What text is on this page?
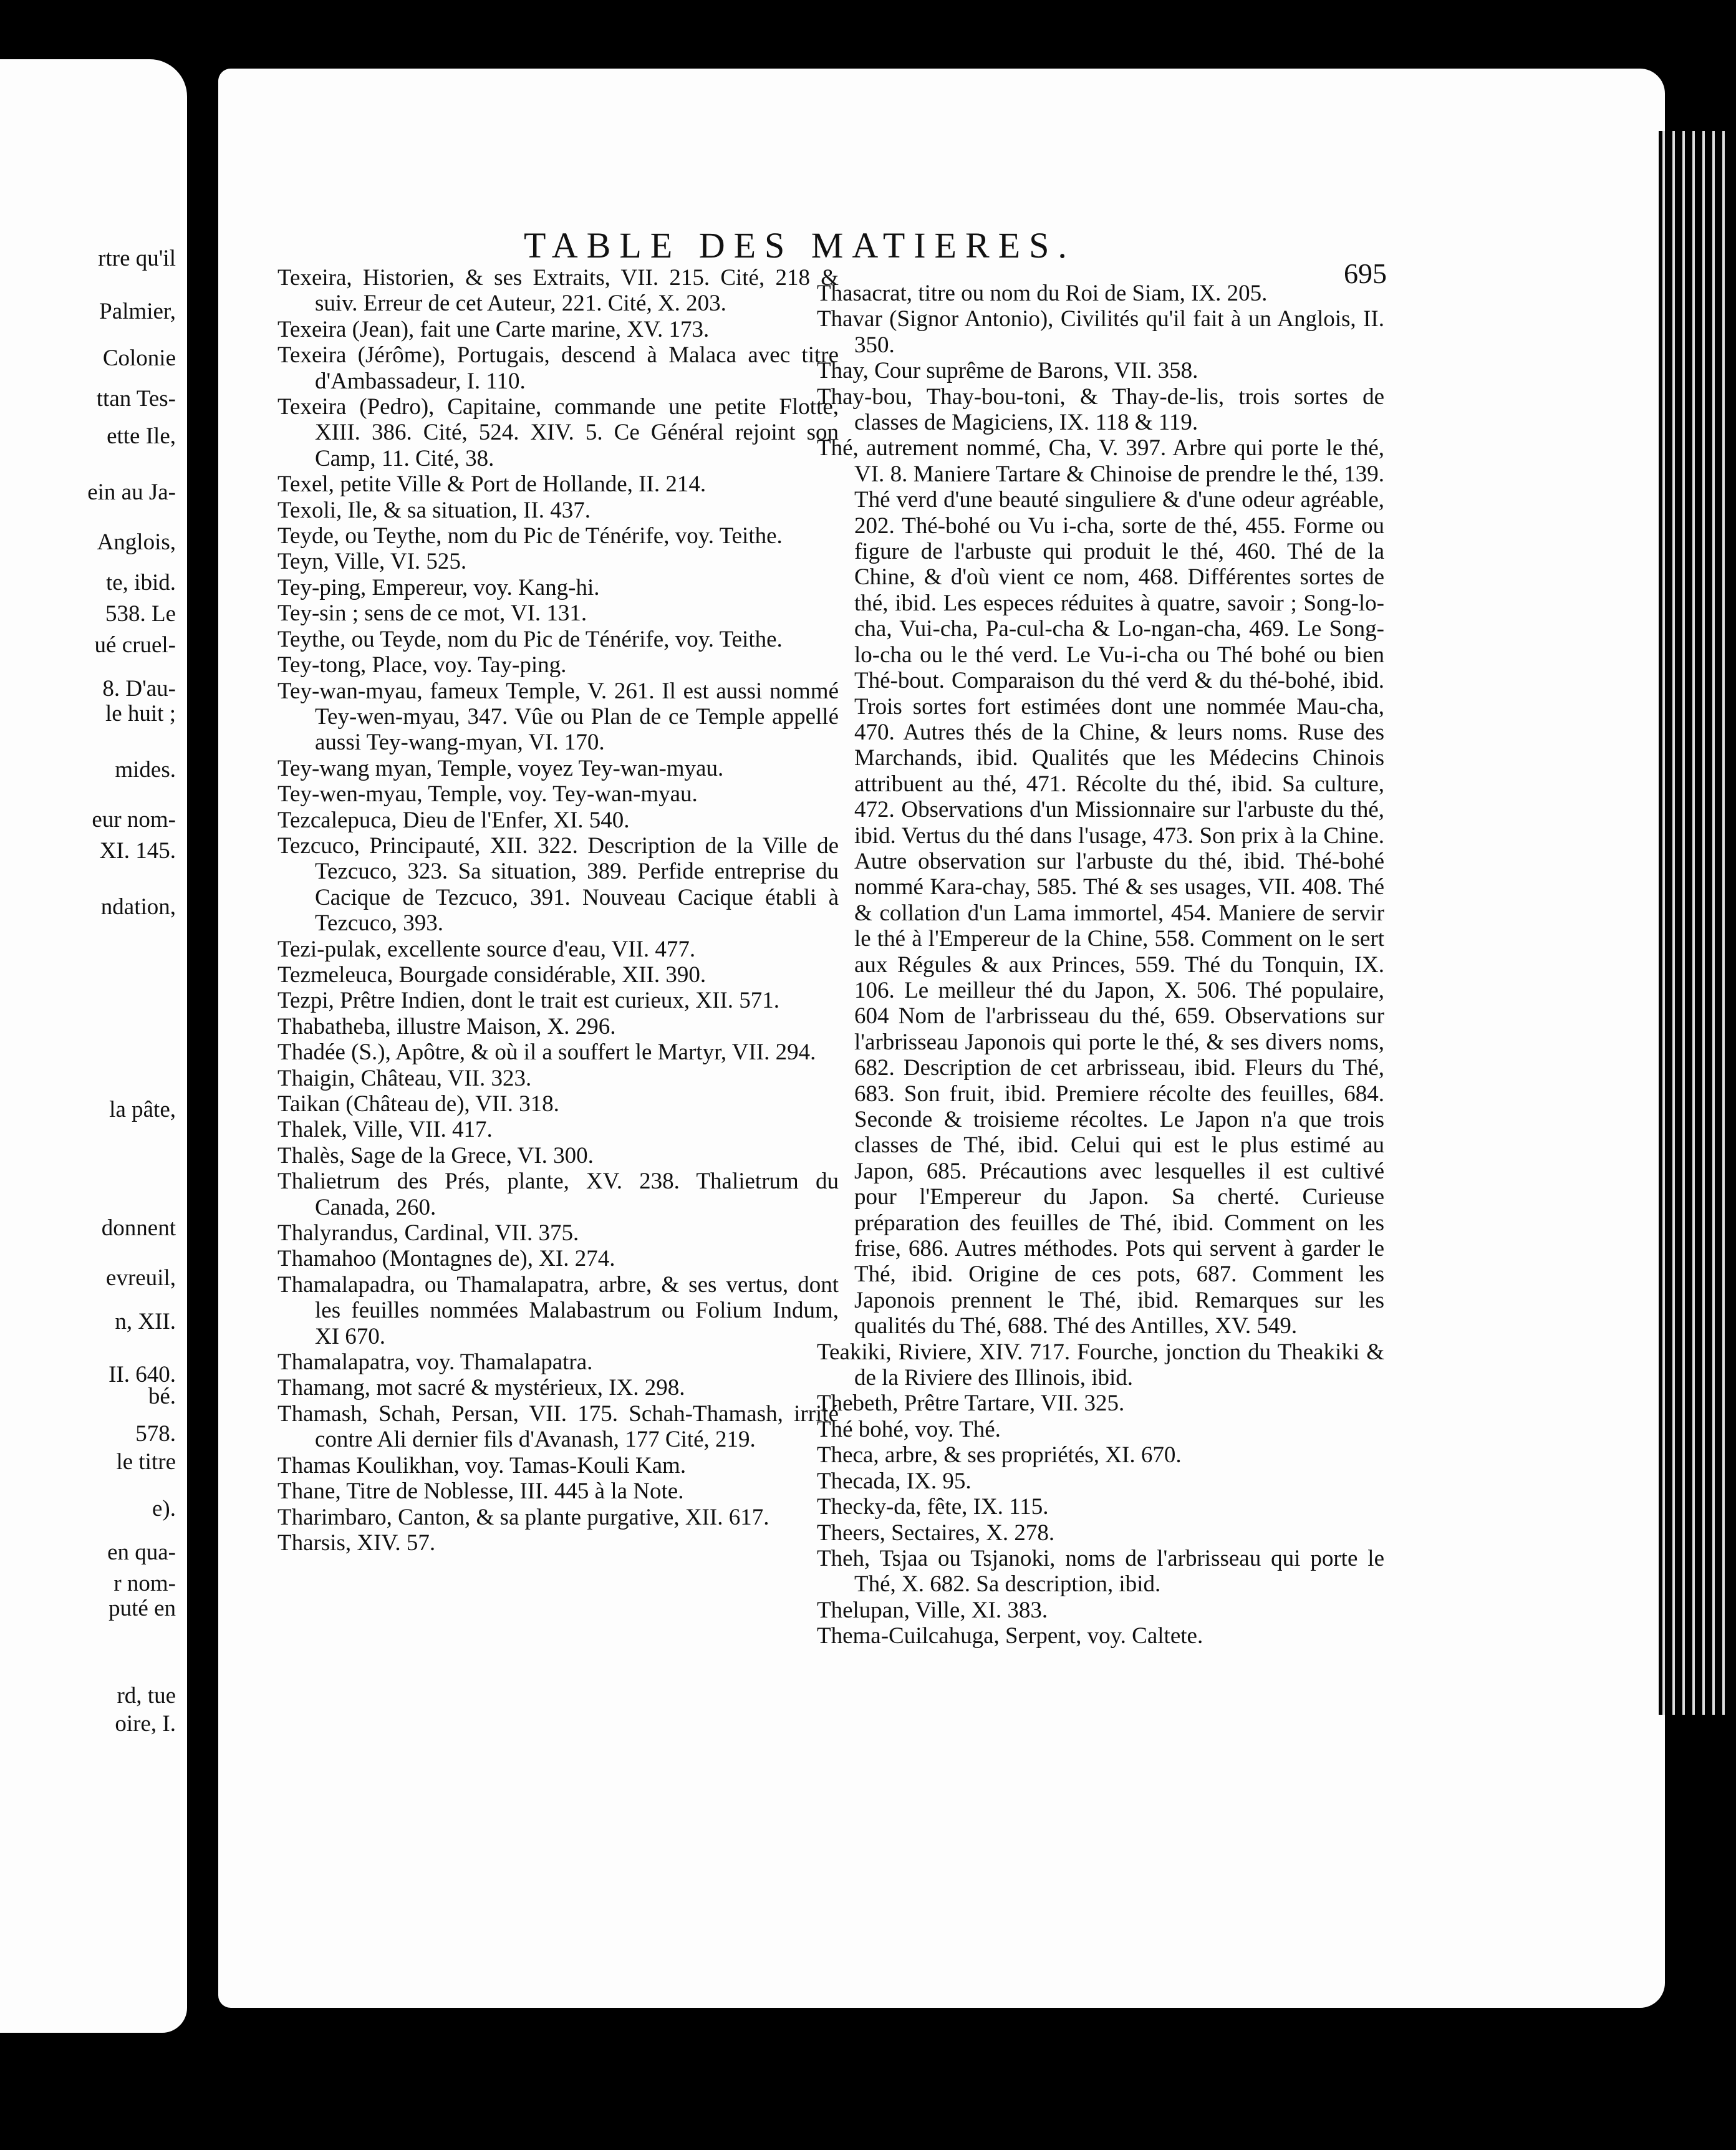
rtre qu'il
Palmier,
Colonie
ttan Tes-
ette Ile,
ein au Ja-
Anglois,
te, ibid.
538. Le
ué cruel-
8. D'au-
le huit ;
mides.
eur nom-
XI. 145.
ndation,
la pâte,
donnent
evreuil,
n, XII.
II. 640.
bé.
578.
le titre
e).
en qua-
r nom-
puté en
rd, tue
oire, I.
TABLE DES MATIERES.
695

Texeira, Historien, & ses Extraits, VII. 215. Cité, 218 & suiv. Erreur de cet Auteur, 221. Cité, X. 203.

Texeira (Jean), fait une Carte marine, XV. 173.

Texeira (Jérôme), Portugais, descend à Malaca avec titre d'Ambassadeur, I. 110.

Texeira (Pedro), Capitaine, commande une petite Flotte, XIII. 386. Cité, 524. XIV. 5. Ce Général rejoint son Camp, 11. Cité, 38.

Texel, petite Ville & Port de Hollande, II. 214.

Texoli, Ile, & sa situation, II. 437.

Teyde, ou Teythe, nom du Pic de Ténérife, voy. Teithe.

Teyn, Ville, VI. 525.

Tey-ping, Empereur, voy. Kang-hi.

Tey-sin ; sens de ce mot, VI. 131.

Teythe, ou Teyde, nom du Pic de Ténérife, voy. Teithe.

Tey-tong, Place, voy. Tay-ping.

Tey-wan-myau, fameux Temple, V. 261. Il est aussi nommé Tey-wen-myau, 347. Vûe ou Plan de ce Temple appellé aussi Tey-wang-myan, VI. 170.

Tey-wang myan, Temple, voyez Tey-wan-myau.

Tey-wen-myau, Temple, voy. Tey-wan-myau.

Tezcalepuca, Dieu de l'Enfer, XI. 540.

Tezcuco, Principauté, XII. 322. Description de la Ville de Tezcuco, 323. Sa situation, 389. Perfide entreprise du Cacique de Tezcuco, 391. Nouveau Cacique établi à Tezcuco, 393.

Tezi-pulak, excellente source d'eau, VII. 477.

Tezmeleuca, Bourgade considérable, XII. 390.

Tezpi, Prêtre Indien, dont le trait est curieux, XII. 571.

Thabatheba, illustre Maison, X. 296.

Thadée (S.), Apôtre, & où il a souffert le Martyr, VII. 294.

Thaigin, Château, VII. 323.

Taikan (Château de), VII. 318.

Thalek, Ville, VII. 417.

Thalès, Sage de la Grece, VI. 300.

Thalietrum des Prés, plante, XV. 238. Thalietrum du Canada, 260.

Thalyrandus, Cardinal, VII. 375.

Thamahoo (Montagnes de), XI. 274.

Thamalapadra, ou Thamalapatra, arbre, & ses vertus, dont les feuilles nommées Malabastrum ou Folium Indum, XI 670.

Thamalapatra, voy. Thamalapatra.

Thamang, mot sacré & mystérieux, IX. 298.

Thamash, Schah, Persan, VII. 175. Schah-Thamash, irrité contre Ali dernier fils d'Avanash, 177 Cité, 219.

Thamas Koulikhan, voy. Tamas-Kouli Kam.

Thane, Titre de Noblesse, III. 445 à la Note.

Tharimbaro, Canton, & sa plante purgative, XII. 617.

Tharsis, XIV. 57.

Thasacrat, titre ou nom du Roi de Siam, IX. 205.

Thavar (Signor Antonio), Civilités qu'il fait à un Anglois, II. 350.

Thay, Cour suprême de Barons, VII. 358.

Thay-bou, Thay-bou-toni, & Thay-de-lis, trois sortes de classes de Magiciens, IX. 118 & 119.

Thé, autrement nommé, Cha, V. 397. Arbre qui porte le thé, VI. 8. Maniere Tartare & Chinoise de prendre le thé, 139. Thé verd d'une beauté singuliere & d'une odeur agréable, 202. Thé-bohé ou Vu i-cha, sorte de thé, 455. Forme ou figure de l'arbuste qui produit le thé, 460. Thé de la Chine, & d'où vient ce nom, 468. Différentes sortes de thé, ibid. Les especes réduites à quatre, savoir ; Song-lo-cha, Vui-cha, Pa-cul-cha & Lo-ngan-cha, 469. Le Song-lo-cha ou le thé verd. Le Vu-i-cha ou Thé bohé ou bien Thé-bout. Comparaison du thé verd & du thé-bohé, ibid. Trois sortes fort estimées dont une nommée Mau-cha, 470. Autres thés de la Chine, & leurs noms. Ruse des Marchands, ibid. Qualités que les Médecins Chinois attribuent au thé, 471. Récolte du thé, ibid. Sa culture, 472. Observations d'un Missionnaire sur l'arbuste du thé, ibid. Vertus du thé dans l'usage, 473. Son prix à la Chine. Autre observation sur l'arbuste du thé, ibid. Thé-bohé nommé Kara-chay, 585. Thé & ses usages, VII. 408. Thé & collation d'un Lama immortel, 454. Maniere de servir le thé à l'Empereur de la Chine, 558. Comment on le sert aux Régules & aux Princes, 559. Thé du Tonquin, IX. 106. Le meilleur thé du Japon, X. 506. Thé populaire, 604 Nom de l'arbrisseau du thé, 659. Observations sur l'arbrisseau Japonois qui porte le thé, & ses divers noms, 682. Description de cet arbrisseau, ibid. Fleurs du Thé, 683. Son fruit, ibid. Premiere récolte des feuilles, 684. Seconde & troisieme récoltes. Le Japon n'a que trois classes de Thé, ibid. Celui qui est le plus estimé au Japon, 685. Précautions avec lesquelles il est cultivé pour l'Empereur du Japon. Sa cherté. Curieuse préparation des feuilles de Thé, ibid. Comment on les frise, 686. Autres méthodes. Pots qui servent à garder le Thé, ibid. Origine de ces pots, 687. Comment les Japonois prennent le Thé, ibid. Remarques sur les qualités du Thé, 688. Thé des Antilles, XV. 549.

Teakiki, Riviere, XIV. 717. Fourche, jonction du Theakiki & de la Riviere des Illinois, ibid.

Thebeth, Prêtre Tartare, VII. 325.

Thé bohé, voy. Thé.

Theca, arbre, & ses propriétés, XI. 670.

Thecada, IX. 95.

Thecky-da, fête, IX. 115.

Theers, Sectaires, X. 278.

Theh, Tsjaa ou Tsjanoki, noms de l'arbrisseau qui porte le Thé, X. 682. Sa description, ibid.

Thelupan, Ville, XI. 383.

Thema-Cuilcahuga, Serpent, voy. Caltete.
